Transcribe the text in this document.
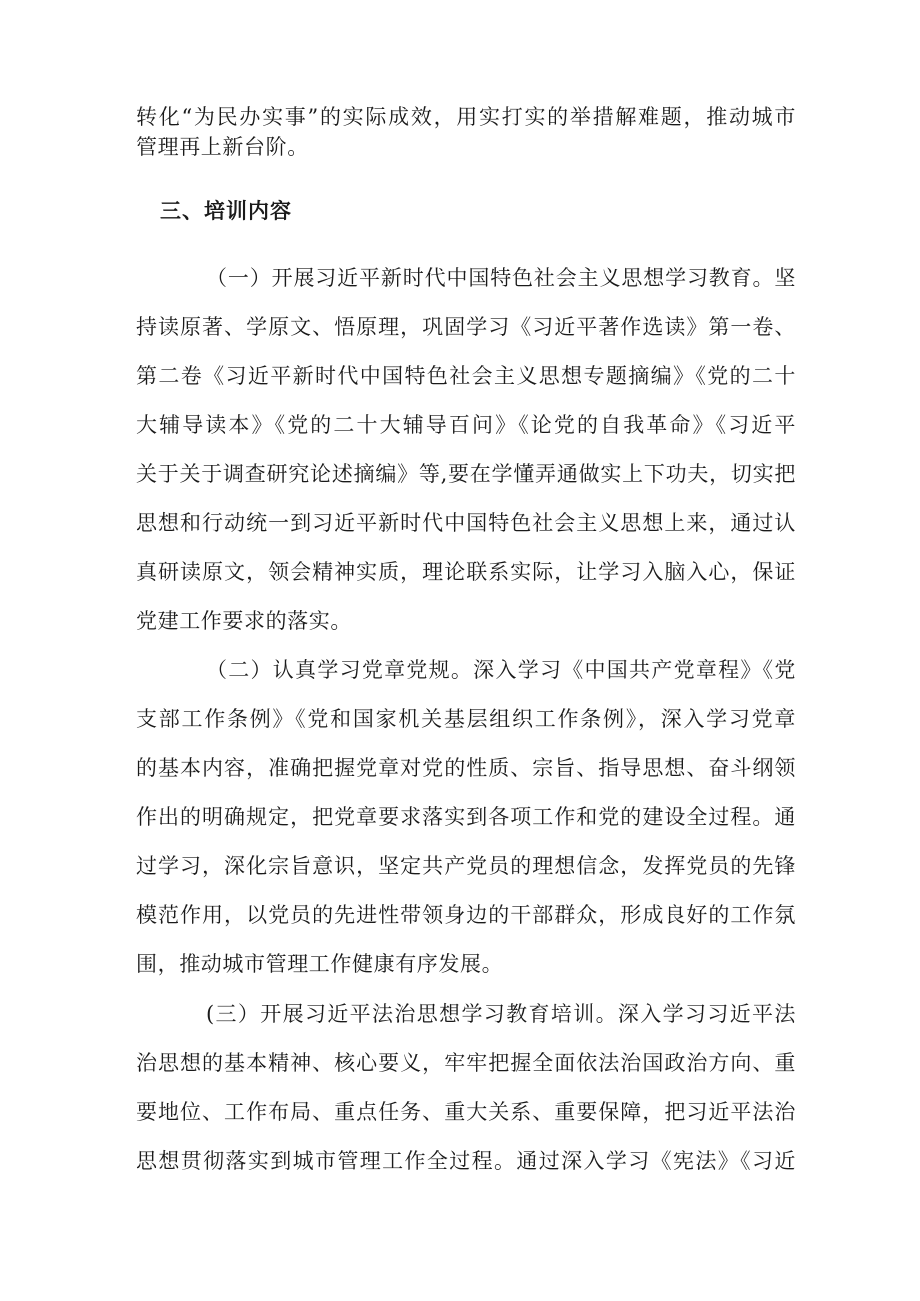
转化“为民办实事”的实际成效，用实打实的举措解难题，推动城市
管理再上新台阶。
三、培训内容
（一）开展习近平新时代中国特色社会主义思想学习教育。坚
持读原著、学原文、悟原理，巩固学习《习近平著作选读》第一卷、
第二卷《习近平新时代中国特色社会主义思想专题摘编》《党的二十
大辅导读本》《党的二十大辅导百问》《论党的自我革命》《习近平
关于关于调查研究论述摘编》等,要在学懂弄通做实上下功夫，切实把
思想和行动统一到习近平新时代中国特色社会主义思想上来，通过认
真研读原文，领会精神实质，理论联系实际，让学习入脑入心，保证
党建工作要求的落实。
（二）认真学习党章党规。深入学习《中国共产党章程》《党
支部工作条例》《党和国家机关基层组织工作条例》，深入学习党章
的基本内容，准确把握党章对党的性质、宗旨、指导思想、奋斗纲领
作出的明确规定，把党章要求落实到各项工作和党的建设全过程。通
过学习，深化宗旨意识，坚定共产党员的理想信念，发挥党员的先锋
模范作用，以党员的先进性带领身边的干部群众，形成良好的工作氛
围，推动城市管理工作健康有序发展。
(三）开展习近平法治思想学习教育培训。深入学习习近平法
治思想的基本精神、核心要义，牢牢把握全面依法治国政治方向、重
要地位、工作布局、重点任务、重大关系、重要保障，把习近平法治
思想贯彻落实到城市管理工作全过程。通过深入学习《宪法》《习近
